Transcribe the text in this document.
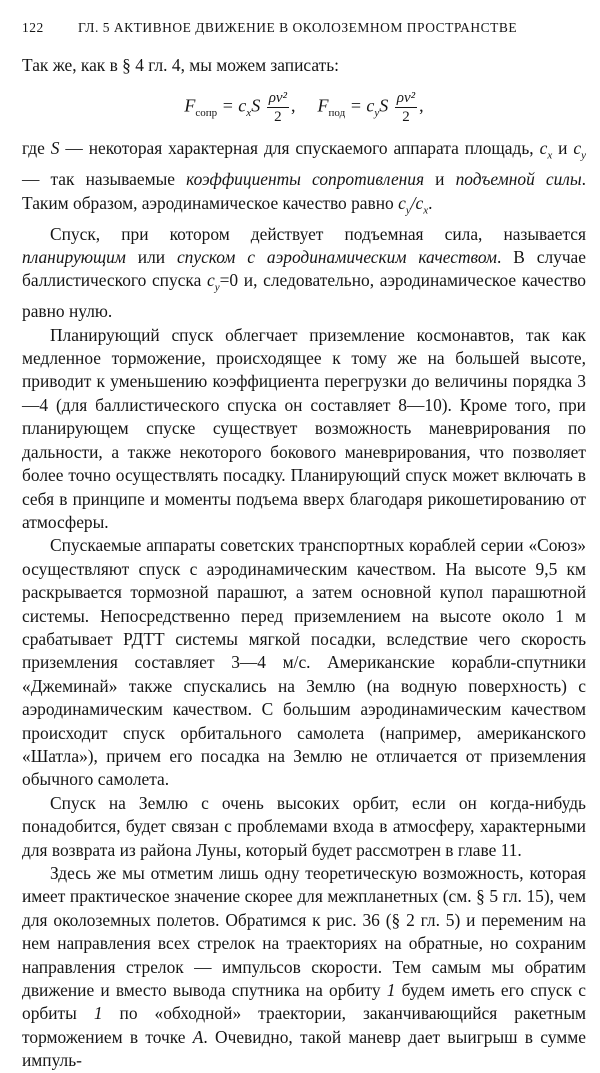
122	ГЛ. 5 АКТИВНОЕ ДВИЖЕНИЕ В ОКОЛОЗЕМНОМ ПРОСТРАНСТВЕ

Так же, как в § 4 гл. 4, мы можем записать:

$F_{сопр} = c_xS \frac{\text{ρv²}}{2}$ , $F_{под} = c_yS \frac{\text{ρv²}}{2}$ ,

где S — некоторая характерная для спускаемого аппарата площадь, $c_x$ и $c_y$ — так называемые коэффициенты сопротивления и подъемной силы. Таким образом, аэродинамическое качество равно $c_y/c_x$.

Спуск, при котором действует подъемная сила, называется планирующим или спуском с аэродинамическим качеством. В случае баллистического спуска $c_y=0$ и, следовательно, аэродинамическое качество равно нулю.

Планирующий спуск облегчает приземление космонавтов, так как медленное торможение, происходящее к тому же на большей высоте, приводит к уменьшению коэффициента перегрузки до величины порядка 3—4 (для баллистического спуска он составляет 8—10). Кроме того, при планирующем спуске существует возможность маневрирования по дальности, а также некоторого бокового маневрирования, что позволяет более точно осуществлять посадку. Планирующий спуск может включать в себя в принципе и моменты подъема вверх благодаря рикошетированию от атмосферы.

Спускаемые аппараты советских транспортных кораблей серии «Союз» осуществляют спуск с аэродинамическим качеством. На высоте 9,5 км раскрывается тормозной парашют, а затем основной купол парашютной системы. Непосредственно перед приземлением на высоте около 1 м срабатывает РДТТ системы мягкой посадки, вследствие чего скорость приземления составляет 3—4 м/с. Американские корабли-спутники «Джеминай» также спускались на Землю (на водную поверхность) с аэродинамическим качеством. С большим аэродинамическим качеством происходит спуск орбитального самолета (например, американского «Шатла»), причем его посадка на Землю не отличается от приземления обычного самолета.

Спуск на Землю с очень высоких орбит, если он когда-нибудь понадобится, будет связан с проблемами входа в атмосферу, характерными для возврата из района Луны, который будет рассмотрен в главе 11.

Здесь же мы отметим лишь одну теоретическую возможность, которая имеет практическое значение скорее для межпланетных (см. § 5 гл. 15), чем для околоземных полетов. Обратимся к рис. 36 (§ 2 гл. 5) и переменим на нем направления всех стрелок на траекториях на обратные, но сохраним направления стрелок — импульсов скорости. Тем самым мы обратим движение и вместо вывода спутника на орбиту 1 будем иметь его спуск с орбиты 1 по «обходной» траектории, заканчивающийся ракетным торможением в точке A. Очевидно, такой маневр дает выигрыш в сумме импуль-
